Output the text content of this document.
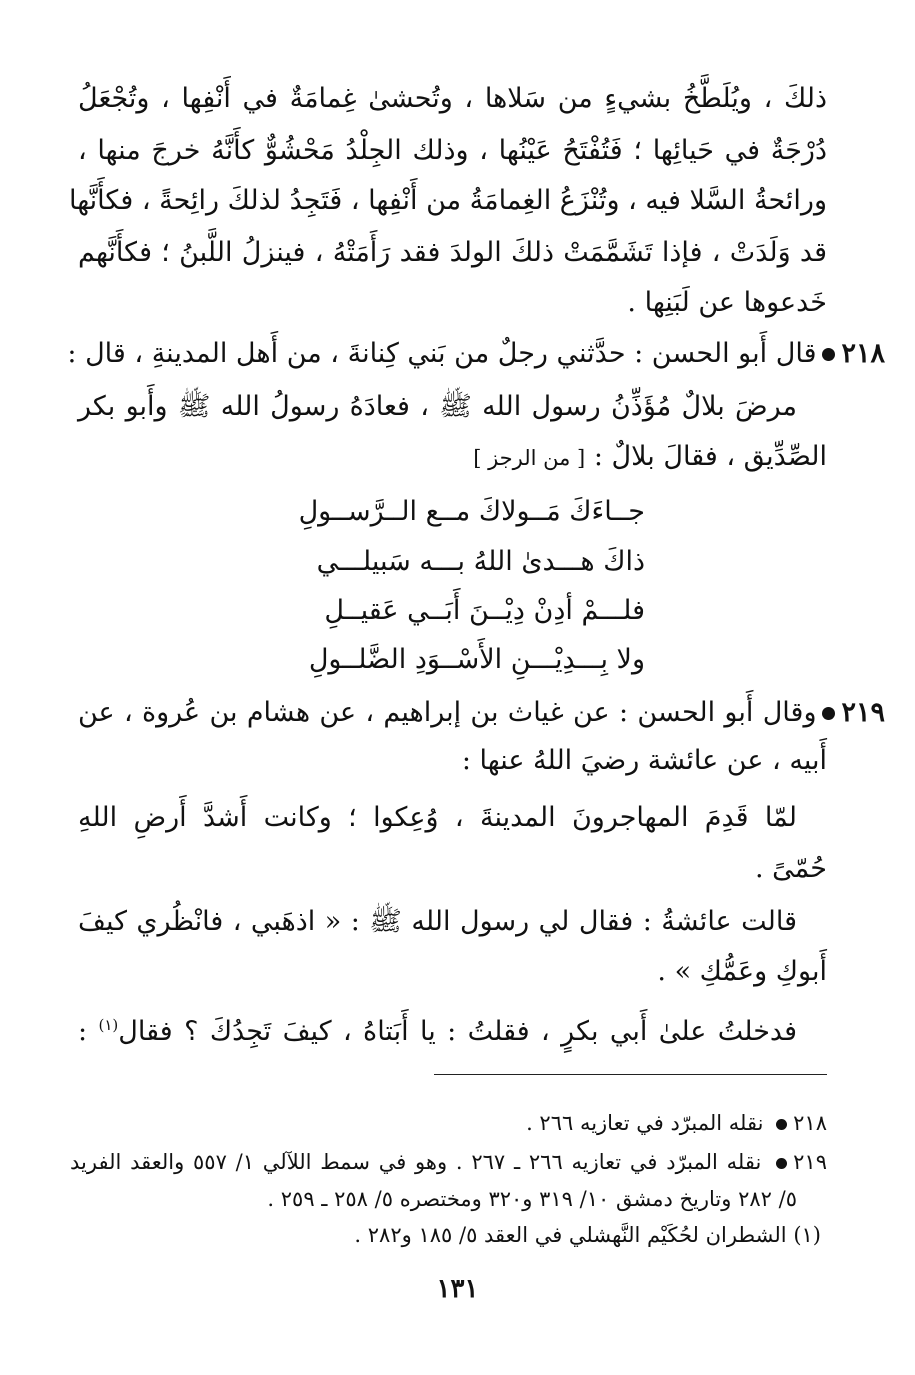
ذلكَ ، ويُلَطَّخُ بشيءٍ من سَلاها ، وتُحشىٰ غِمامَةٌ في أَنْفِها ، وتُجْعَلُ
دُرْجَةٌ في حَيائِها ؛ فَتُفْتَحُ عَيْنُها ، وذلك الجِلْدُ مَحْشُوٌّ كأَنَّهُ خرجَ منها ،
ورائحةُ السَّلا فيه ، وتُنْزَعُ الغِمامَةُ من أَنْفِها ، فَتَجِدُ لذلكَ رائِحةً ، فكأَنَّها
قد وَلَدَتْ ، فإذا تَشَمَّمَتْ ذلكَ الولدَ فقد رَأَمَتْهُ ، فينزلُ اللَّبنُ ؛ فكأَنَّهم
خَدعوها عن لَبَنِها .
٢١٨قال أَبو الحسن : حدَّثني رجلٌ من بَني كِنانةَ ، من أَهل المدينةِ ، قال :
مرضَ بلالٌ مُؤَذِّنُ رسول الله ﷺ ، فعادَهُ رسولُ الله ﷺ وأَبو بكر
الصِّدِّيق ، فقالَ بلالٌ : [ من الرجز ]
جــاءَكَ مَــولاكَ مــع الــرَّســولِ
ذاكَ هـــدىٰ اللهُ بـــه سَبيلـــي
فلـــمْ أدِنْ دِيْــنَ أَبَــي عَقيــلِ
ولا بِـــدِيْـــنِ الأَسْــوَدِ الضَّلــولِ
٢١٩وقال أَبو الحسن : عن غياث بن إبراهيم ، عن هشام بن عُروة ، عن
أَبيه ، عن عائشة رضيَ اللهُ عنها :
لمّا قَدِمَ المهاجرونَ المدينةَ ، وُعِكوا ؛ وكانت أَشدَّ أَرضِ اللهِ
حُمّىً .
قالت عائشةُ : فقال لي رسول الله ﷺ : « اذهَبي ، فانْظُري كيفَ
أَبوكِ وعَمُّكِ » .
فدخلتُ علىٰ أَبي بكرٍ ، فقلتُ : يا أَبَتاهُ ، كيفَ تَجِدُكَ ؟ فقال$^{(١)}$ :
٢١٨ نقله المبرّد في تعازيه ٢٦٦ .
٢١٩ نقله المبرّد في تعازيه ٢٦٦ ـ ٢٦٧ . وهو في سمط اللآلي ١/ ٥٥٧ والعقد الفريد
٥/ ٢٨٢ وتاريخ دمشق ١٠/ ٣١٩ و٣٢٠ ومختصره ٥/ ٢٥٨ ـ ٢٥٩ .
(١) الشطران لحُكَيْم النَّهشلي في العقد ٥/ ١٨٥ و٢٨٢ .
١٣١
